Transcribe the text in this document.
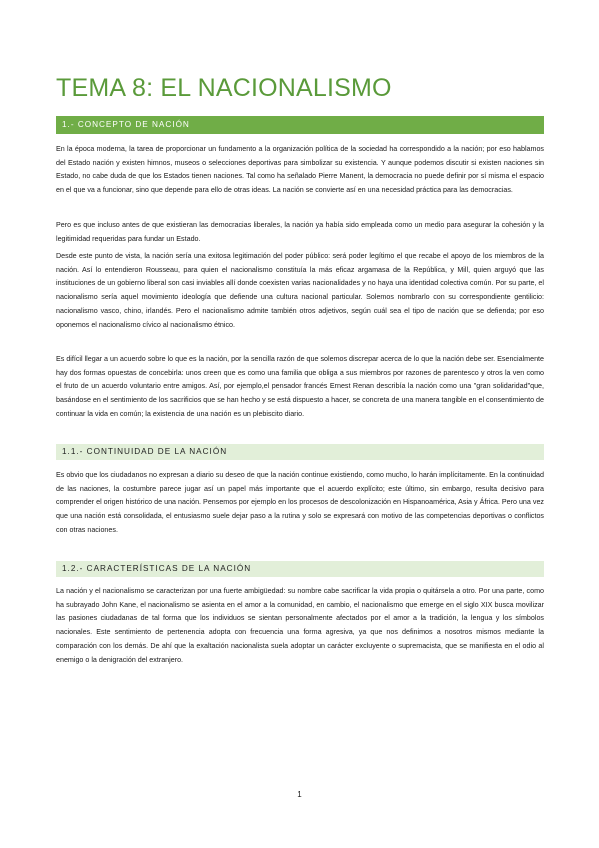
TEMA 8: EL NACIONALISMO
1.- CONCEPTO DE NACIÓN

En la época moderna, la tarea de proporcionar un fundamento a la organización política de la sociedad ha correspondido a la nación; por eso hablamos del Estado nación y existen himnos, museos o selecciones deportivas para simbolizar su existencia. Y aunque podemos discutir si existen naciones sin Estado, no cabe duda de que los Estados tienen naciones. Tal como ha señalado Pierre Manent, la democracia no puede definir por sí misma el espacio en el que va a funcionar, sino que depende para ello de otras ideas. La nación se convierte así en una necesidad práctica para las democracias.

Pero es que incluso antes de que existieran las democracias liberales, la nación ya había sido empleada como un medio para asegurar la cohesión y la legitimidad requeridas para fundar un Estado.

Desde este punto de vista, la nación sería una exitosa legitimación del poder público: será poder legítimo el que recabe el apoyo de los miembros de la nación. Así lo entendieron Rousseau, para quien el nacionalismo constituía la más eficaz argamasa de la República, y Mill, quien arguyó que las instituciones de un gobierno liberal son casi inviables allí donde coexisten varias nacionalidades y no haya una identidad colectiva común. Por su parte, el nacionalismo sería aquel movimiento ideología que defiende una cultura nacional particular. Solemos nombrarlo con su correspondiente gentilicio: nacionalismo vasco, chino, irlandés. Pero el nacionalismo admite también otros adjetivos, según cuál sea el tipo de nación que se defienda; por eso oponemos el nacionalismo cívico al nacionalismo étnico.

Es difícil llegar a un acuerdo sobre lo que es la nación, por la sencilla razón de que solemos discrepar acerca de lo que la nación debe ser. Esencialmente hay dos formas opuestas de concebirla: unos creen que es como una familia que obliga a sus miembros por razones de parentesco y otros la ven como el fruto de un acuerdo voluntario entre amigos. Así, por ejemplo,el pensador francés Ernest Renan describía la nación como una "gran solidaridad"que, basándose en el sentimiento de los sacrificios que se han hecho y se está dispuesto a hacer, se concreta de una manera tangible en el consentimiento de continuar la vida en común; la existencia de una nación es un plebiscito diario.

1.1.- CONTINUIDAD DE LA NACIÓN

Es obvio que los ciudadanos no expresan a diario su deseo de que la nación continue existiendo, como mucho, lo harán implícitamente. En la continuidad de las naciones, la costumbre parece jugar así un papel más importante que el acuerdo explícito; este último, sin embargo, resulta decisivo para comprender el origen histórico de una nación. Pensemos por ejemplo en los procesos de descolonización en Hispanoamérica, Asia y África. Pero una vez que una nación está consolidada, el entusiasmo suele dejar paso a la rutina y solo se expresará con motivo de las competencias deportivas o conflictos con otras naciones.

1.2.- CARACTERÍSTICAS DE LA NACIÓN

La nación y el nacionalismo se caracterizan por una fuerte ambigüedad: su nombre cabe sacrificar la vida propia o quitársela a otro. Por una parte, como ha subrayado John Kane, el nacionalismo se asienta en el amor a la comunidad, en cambio, el nacionalismo que emerge en el siglo XIX busca movilizar las pasiones ciudadanas de tal forma que los individuos se sientan personalmente afectados por el amor a la tradición, la lengua y los símbolos nacionales. Este sentimiento de pertenencia adopta con frecuencia una forma agresiva, ya que nos definimos a nosotros mismos mediante la comparación con los demás. De ahí que la exaltación nacionalista suela adoptar un carácter excluyente o supremacista, que se manifiesta en el odio al enemigo o la denigración del extranjero.

1
